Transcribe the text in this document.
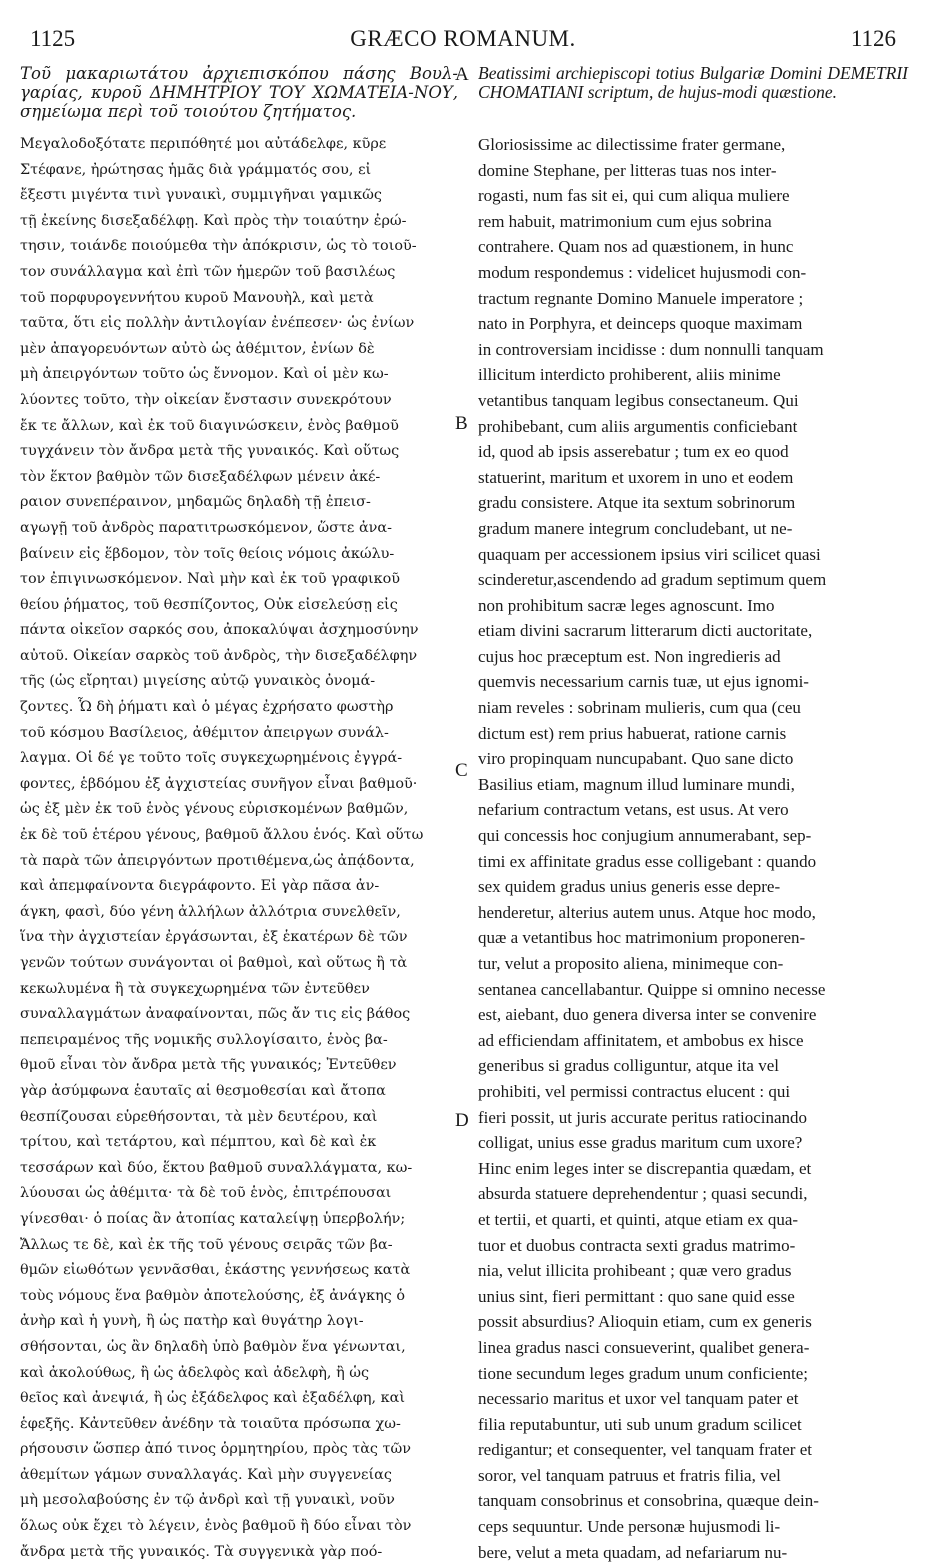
1125	GRÆCO ROMANUM.	1126
Τοῦ μακαριωτάτου ἀρχιεπισκόπου πάσης Βουλ-γαρίας, κυροῦ ΔΗΜΗΤΡΙΟΥ ΤΟΥ ΧΩΜΑΤΕΙΑ-ΝΟΥ, σημείωμα περὶ τοῦ τοιούτου ζητήματος.
Μεγαλοδοξότατε περιπόθητέ μοι αὐτάδελφε, κῦρε
Στέφανε, ἠρώτησας ἡμᾶς διὰ γράμματός σου, εἰ
ἔξεστι μιγέντα τινὶ γυναικὶ, συμμιγῆναι γαμικῶς
τῇ ἐκείνης δισεξαδέλφῃ. Καὶ πρὸς τὴν τοιαύτην ἐρώ-
τησιν, τοιάνδε ποιούμεθα τὴν ἀπόκρισιν, ὡς τὸ τοιοῦ-
τον συνάλλαγμα καὶ ἐπὶ τῶν ἡμερῶν τοῦ βασιλέως
τοῦ πορφυρογεννήτου κυροῦ Μανουὴλ, καὶ μετὰ
ταῦτα, ὅτι εἰς πολλὴν ἀντιλογίαν ἐνέπεσεν· ὡς ἐνίων
μὲν ἀπαγορευόντων αὐτὸ ὡς ἀθέμιτον, ἐνίων δὲ
μὴ ἀπειργόντων τοῦτο ὡς ἔννομον. Καὶ οἱ μὲν κω-
λύοντες τοῦτο, τὴν οἰκείαν ἔνστασιν συνεκρότουν
ἔκ τε ἄλλων, καὶ ἐκ τοῦ διαγινώσκειν, ἑνὸς βαθμοῦ
τυγχάνειν τὸν ἄνδρα μετὰ τῆς γυναικός. Καὶ οὕτως
τὸν ἕκτον βαθμὸν τῶν δισεξαδέλφων μένειν ἀκέ-
ραιον συνεπέραινον, μηδαμῶς δηλαδὴ τῇ ἐπεισ-
αγωγῇ τοῦ ἀνδρὸς παρατιτρωσκόμενον, ὥστε ἀνα-
βαίνειν εἰς ἕβδομον, τὸν τοῖς θείοις νόμοις ἀκώλυ-
τον ἐπιγινωσκόμενον. Ναὶ μὴν καὶ ἐκ τοῦ γραφικοῦ
θείου ῥήματος, τοῦ θεσπίζοντος, Οὐκ εἰσελεύσῃ εἰς
πάντα οἰκεῖον σαρκός σου, ἀποκαλύψαι ἀσχημοσύνην
αὐτοῦ. Οἰκείαν σαρκὸς τοῦ ἀνδρὸς, τὴν δισεξαδέλφην
τῆς (ὡς εἴρηται) μιγείσης αὐτῷ γυναικὸς ὀνομά-
ζοντες. Ὧ δὴ ῥήματι καὶ ὁ μέγας ἐχρήσατο φωστὴρ
τοῦ κόσμου Βασίλειος, ἀθέμιτον ἀπειργων συνάλ-
λαγμα. Οἱ δέ γε τοῦτο τοῖς συγκεχωρημένοις ἐγγρά-
φοντες, ἑβδόμου ἐξ ἀγχιστείας συνῆγον εἶναι βαθμοῦ·
ὡς ἐξ μὲν ἐκ τοῦ ἑνὸς γένους εὑρισκομένων βαθμῶν,
ἐκ δὲ τοῦ ἑτέρου γένους, βαθμοῦ ἄλλου ἑνός. Καὶ οὕτω
τὰ παρὰ τῶν ἀπειργόντων προτιθέμενα,ὡς ἀπᾴδοντα,
καὶ ἀπεμφαίνοντα διεγράφοντο. Εἰ γὰρ πᾶσα ἀν-
άγκη, φασὶ, δύο γένη ἀλλήλων ἀλλότρια συνελθεῖν,
ἵνα τὴν ἀγχιστείαν ἐργάσωνται, ἐξ ἑκατέρων δὲ τῶν
γενῶν τούτων συνάγονται οἱ βαθμοὶ, καὶ οὕτως ἢ τὰ
κεκωλυμένα ἢ τὰ συγκεχωρημένα τῶν ἐντεῦθεν
συναλλαγμάτων ἀναφαίνονται, πῶς ἄν τις εἰς βάθος
πεπειραμένος τῆς νομικῆς συλλογίσαιτο, ἑνὸς βα-
θμοῦ εἶναι τὸν ἄνδρα μετὰ τῆς γυναικός; Ἐντεῦθεν
γὰρ ἀσύμφωνα ἑαυταῖς αἱ θεσμοθεσίαι καὶ ἄτοπα
θεσπίζουσαι εὑρεθήσονται, τὰ μὲν δευτέρου, καὶ
τρίτου, καὶ τετάρτου, καὶ πέμπτου, καὶ δὲ καὶ ἐκ
τεσσάρων καὶ δύο, ἕκτου βαθμοῦ συναλλάγματα, κω-
λύουσαι ὡς ἀθέμιτα· τὰ δὲ τοῦ ἑνὸς, ἐπιτρέπουσαι
γίνεσθαι· ὁ ποίας ἂν ἀτοπίας καταλείψῃ ὑπερβολήν;
Ἄλλως τε δὲ, καὶ ἐκ τῆς τοῦ γένους σειρᾶς τῶν βα-
θμῶν εἰωθότων γεννᾶσθαι, ἑκάστης γεννήσεως κατὰ
τοὺς νόμους ἕνα βαθμὸν ἀποτελούσης, ἐξ ἀνάγκης ὁ
ἀνὴρ καὶ ἡ γυνὴ, ἢ ὡς πατὴρ καὶ θυγάτηρ λογι-
σθήσονται, ὡς ἂν δηλαδὴ ὑπὸ βαθμὸν ἕνα γένωνται,
καὶ ἀκολούθως, ἢ ὡς ἀδελφὸς καὶ ἀδελφὴ, ἢ ὡς
θεῖος καὶ ἀνεψιά, ἢ ὡς ἐξάδελφος καὶ ἐξαδέλφη, καὶ
ἑφεξῆς. Κἀντεῦθεν ἀνέδην τὰ τοιαῦτα πρόσωπα χω-
ρήσουσιν ὥσπερ ἀπό τινος ὁρμητηρίου, πρὸς τὰς τῶν
ἀθεμίτων γάμων συναλλαγάς. Καὶ μὴν συγγενείας
μὴ μεσολαβούσης ἐν τῷ ἀνδρὶ καὶ τῇ γυναικὶ, νοῦν
ὅλως οὐκ ἔχει τὸ λέγειν, ἑνὸς βαθμοῦ ἢ δύο εἶναι τὸν
ἄνδρα μετὰ τῆς γυναικός. Τὰ συγγενικὰ γὰρ ποό-
Beatissimi archiepiscopi totius Bulgariæ Domini DEMETRII CHOMATIANI scriptum, de hujus-modi quæstione.
Gloriosissime ac dilectissime frater germane,
domine Stephane, per litteras tuas nos inter-
rogasti, num fas sit ei, qui cum aliqua muliere
rem habuit, matrimonium cum ejus sobrina
contrahere. Quam nos ad quæstionem, in hunc
modum respondemus : videlicet hujusmodi con-
tractum regnante Domino Manuele imperatore ;
nato in Porphyra, et deinceps quoque maximam
in controversiam incidisse : dum nonnulli tanquam
illicitum interdicto prohiberent, aliis minime
vetantibus tanquam legibus consectaneum. Qui
prohibebant, cum aliis argumentis conficiebant
id, quod ab ipsis asserebatur ; tum ex eo quod
statuerint, maritum et uxorem in uno et eodem
gradu consistere. Atque ita sextum sobrinorum
gradum manere integrum concludebant, ut ne-
quaquam per accessionem ipsius viri scilicet quasi
scinderetur,ascendendo ad gradum septimum quem
non prohibitum sacræ leges agnoscunt. Imo
etiam divini sacrarum litterarum dicti auctoritate,
cujus hoc præceptum est. Non ingredieris ad
quemvis necessarium carnis tuæ, ut ejus ignomi-
niam reveles : sobrinam mulieris, cum qua (ceu
dictum est) rem prius habuerat, ratione carnis
viro propinquam nuncupabant. Quo sane dicto
Basilius etiam, magnum illud luminare mundi,
nefarium contractum vetans, est usus. At vero
qui concessis hoc conjugium annumerabant, sep-
timi ex affinitate gradus esse colligebant : quando
sex quidem gradus unius generis esse depre-
henderetur, alterius autem unus. Atque hoc modo,
quæ a vetantibus hoc matrimonium proponeren-
tur, velut a proposito aliena, minimeque con-
sentanea cancellabantur. Quippe si omnino necesse
est, aiebant, duo genera diversa inter se convenire
ad efficiendam affinitatem, et ambobus ex hisce
generibus si gradus colliguntur, atque ita vel
prohibiti, vel permissi contractus elucent : qui
fieri possit, ut juris accurate peritus ratiocinando
colligat, unius esse gradus maritum cum uxore?
Hinc enim leges inter se discrepantia quædam, et
absurda statuere deprehendentur ; quasi secundi,
et tertii, et quarti, et quinti, atque etiam ex qua-
tuor et duobus contracta sexti gradus matrimo-
nia, velut illicita prohibeant ; quæ vero gradus
unius sint, fieri permittant : quo sane quid esse
possit absurdius? Alioquin etiam, cum ex generis
linea gradus nasci consueverint, qualibet genera-
tione secundum leges gradum unum conficiente;
necessario maritus et uxor vel tanquam pater et
filia reputabuntur, uti sub unum gradum scilicet
redigantur; et consequenter, vel tanquam frater et
soror, vel tanquam patruus et fratris filia, vel
tanquam consobrinus et consobrina, quæque dein-
ceps sequuntur. Unde personæ hujusmodi li-
bere, velut a meta quadam, ad nefariarum nu-
A
B
C
D
